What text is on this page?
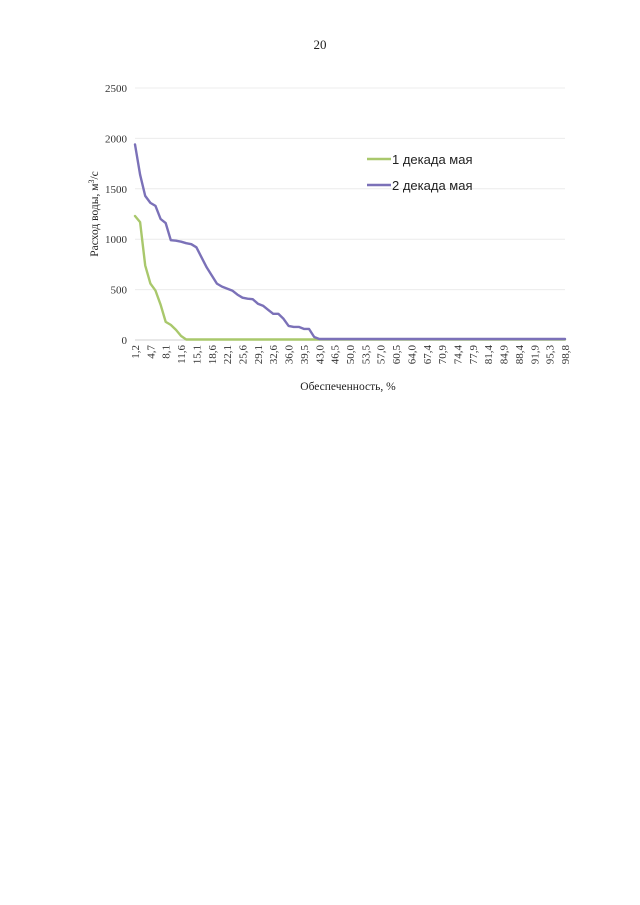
20
0
500
1000
1500
2000
2500
1,2 4,7 8,1 11,6 15,1 18,6 22,1 25,6 29,1 32,6 36,0 39,5 43,0 46,5 50,0 53,5 57,0 60,5 64,0 67,4 70,9 74,4 77,9 81,4 84,9 88,4 91,9 95,3 98,8
Расход воды, $м^3/с$
Обеспеченность, %
1 декада мая
2 декада мая
